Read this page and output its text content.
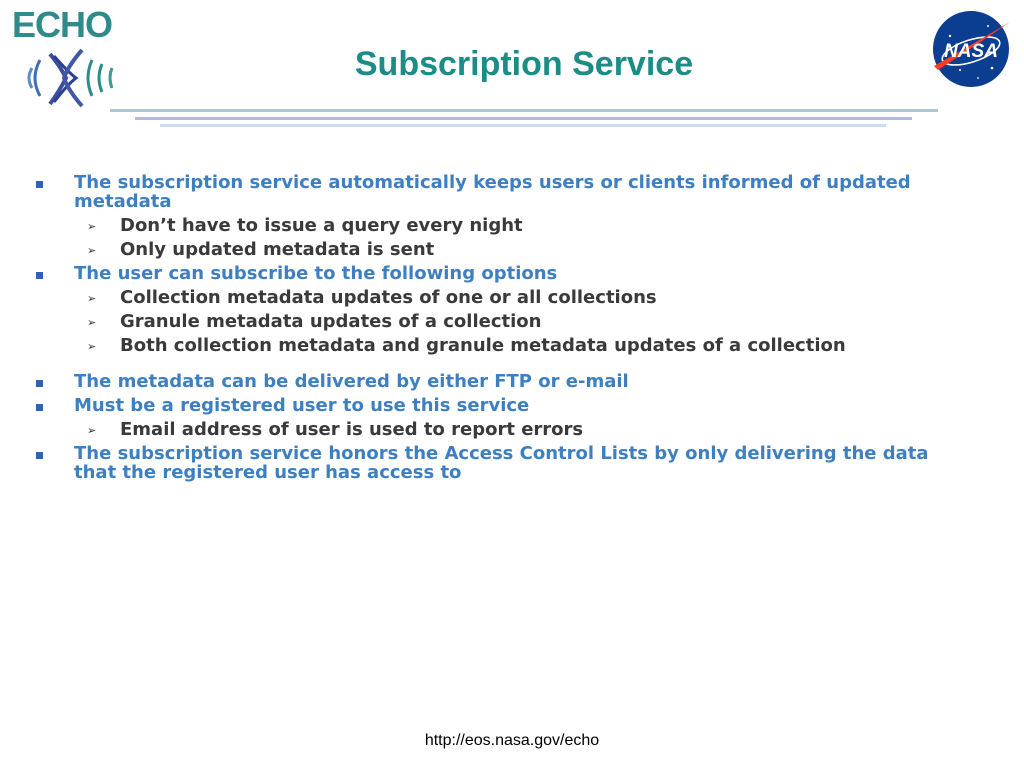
ECHO
Subscription Service	NASA
The subscription service automatically keeps users or clients informed of updated metadata
➢ Don’t have to issue a query every night
➢ Only updated metadata is sent
The user can subscribe to the following options
➢ Collection metadata updates of one or all collections
➢ Granule metadata updates of a collection
➢ Both collection metadata and granule metadata updates of a collection
The metadata can be delivered by either FTP or e-mail
Must be a registered user to use this service
➢ Email address of user is used to report errors
The subscription service honors the Access Control Lists by only delivering the data that the registered user has access to
http://eos.nasa.gov/echo
